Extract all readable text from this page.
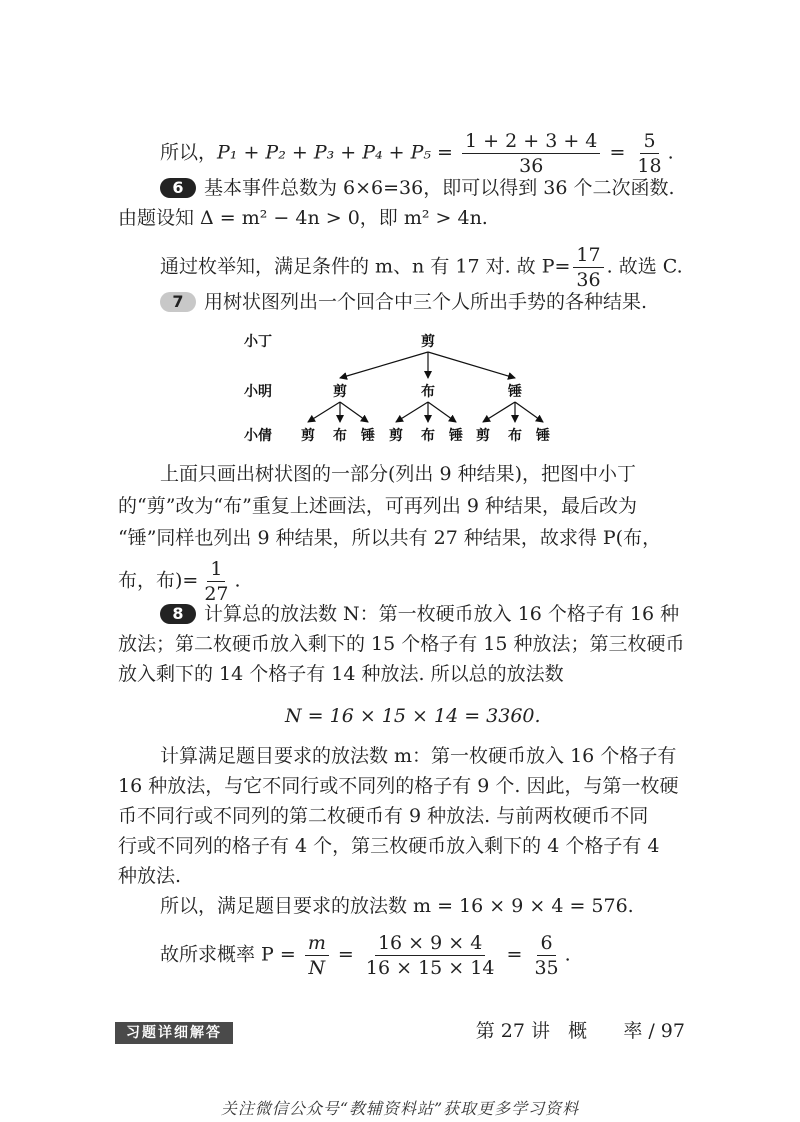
所以，$P_1 + P_2 + P_3 + P_4 + P_5 = \frac{1 + 2 + 3 + 4}{36} = \frac{5}{18}$ .
6 基本事件总数为 6×6=36，即可以得到 36 个二次函数.
由题设知 Δ = m² − 4n > 0，即 m² > 4n.
通过枚举知，满足条件的 m、n 有 17 对. 故 $P= \frac{17}{36}$ . 故选 C.
7 用树状图列出一个回合中三个人所出手势的各种结果.
小丁
小明
小倩
剪
剪	布	锤
剪 布 锤 剪 布 锤 剪 布 锤
上面只画出树状图的一部分(列出 9 种结果)，把图中小丁
的“剪”改为“布”重复上述画法，可再列出 9 种结果，最后改为
“锤”同样也列出 9 种结果，所以共有 27 种结果，故求得 P(布，
布，布)= $\frac{1}{27}$ .
8 计算总的放法数 N：第一枚硬币放入 16 个格子有 16 种
放法；第二枚硬币放入剩下的 15 个格子有 15 种放法；第三枚硬币
放入剩下的 14 个格子有 14 种放法. 所以总的放法数
N = 16 × 15 × 14 = 3360.
计算满足题目要求的放法数 m：第一枚硬币放入 16 个格子有
16 种放法，与它不同行或不同列的格子有 9 个. 因此，与第一枚硬
币不同行或不同列的第二枚硬币有 9 种放法. 与前两枚硬币不同
行或不同列的格子有 4 个，第三枚硬币放入剩下的 4 个格子有 4
种放法.
所以，满足题目要求的放法数 m = 16 × 9 × 4 = 576.
故所求概率 $P = \frac{m}{N} = \frac{16 \times 9 \times 4}{16 \times 15 \times 14} = \frac{6}{35}$ .
习题详细解答	第 27 讲   概      率 / 97
关注微信公众号“教辅资料站”获取更多学习资料
